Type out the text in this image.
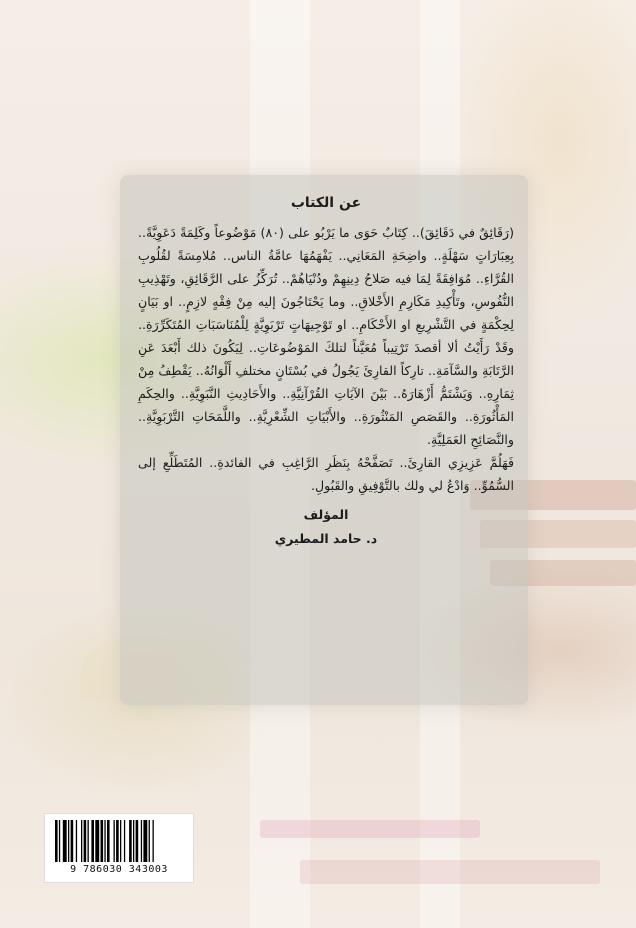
عن الكتاب

(رَقَائِقٌ في دَقَائِقَ).. كِتَابٌ حَوَى ما يَرْبُو على (٨٠) مَوْضُوعاً وكَلِمَةً دَعَوِيَّةً.. بِعِبَارَاتٍ سَهْلَةٍ.. واضِحَةِ المَعَانِي.. يَفْهَمُهَا عامَّةُ الناس.. مُلامِسَةً لقُلُوبِ القُرَّاءِ.. مُوَافِقَةً لِمَا فيه صَلاحُ دِينِهِمْ ودُنْيَاهُمْ.. تُرَكِّزُ على الرَّقَائِقِ، وتَهْذِيبِ النُّفُوسِ، وتَأْكِيدِ مَكَارِمِ الأَخْلاقِ.. وما يَحْتَاجُونَ إليه مِنْ فِقْهٍ لازِمٍ.. او بَيَانٍ لِحِكْمَةٍ في التَّشْرِيعِ او الأَحْكَامِ.. او تَوْجِيهَاتٍ تَرْبَوِيَّةٍ لِلْمُنَاسَبَاتِ المُتَكَرِّرَةِ.. وقَدْ رَأَيْتُ ألا أقصدَ تَرْتِيباً مُعَيَّناً لتلكَ المَوْضُوعَاتِ.. لِيَكُونَ ذلك أَبْعَدَ عَنِ الرَّتَابَةِ والسَّآمَةِ.. تارِكاً القارِئَ يَجُولُ في بُسْتَانٍ مختلفِ أَلْوَانُهُ.. يَقْطِفُ مِنْ ثِمَارِهِ.. وَيَشْتَمُّ أَزْهَارَهُ.. بَيْنَ الآيَاتِ القُرْآنِيَّةِ.. والأَحَادِيثِ النَّبَوِيَّةِ.. والحِكَمِ المَأْثُورَةِ.. والقَصَصِ المَنْثُورَةِ.. والأَبْيَاتِ الشِّعْرِيَّةِ.. واللَّمَحَاتِ التَّرْبَوِيَّةِ.. والنَّصَائِحِ العَمَلِيَّةِ.

فَهَلُمَّ عَزِيزِي القارِئَ.. تَصَفَّحْهُ بِنَظَرِ الرَّاغِبِ في الفائدةِ.. المُتَطَلِّعِ إلى السُّمُوِّ.. وَادْعُ لي ولك بالتَّوْفِيقِ والقَبُولِ.

المؤلف
د. حامد المطيري
9 786030 343003
